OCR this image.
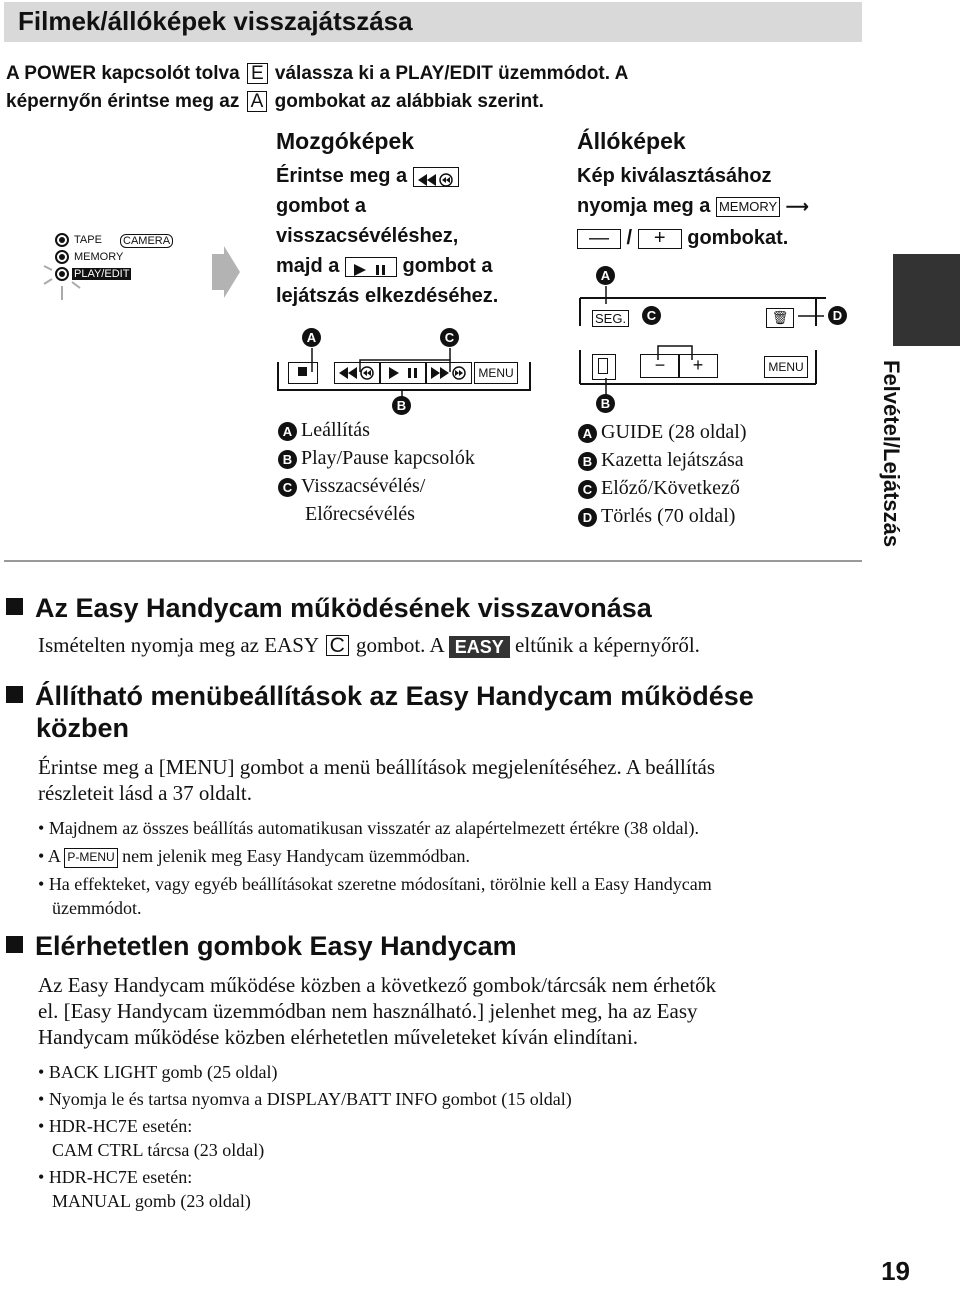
Filmek/állóképek visszajátszása
A POWER kapcsolót tolva E válassza ki a PLAY/EDIT üzemmódot. A
képernyőn érintse meg az A gombokat az alábbiak szerint.
TAPE
MEMORY
PLAY/EDIT
CAMERA
Mozgóképek
Érintse meg a
gombot a
visszacsévéléshez,
majd a	gombot a
lejátszás elkezdéséhez.
A	C
MENU
B
A Leállítás
B Play/Pause kapcsolók
C Visszacsévélés/
Előrecsévélés
Állóképek
Kép kiválasztásához
nyomja meg a MEMORY ⟶
— / + gombokat.
A
SEG.	C	🗑	D
−	+	MENU
B
A GUIDE (28 oldal)
B Kazetta lejátszása
C Előző/Következő
D Törlés (70 oldal)	Felvétel/Lejátszás
Az Easy Handycam működésének visszavonása
Ismételten nyomja meg az EASY C gombot. A EASY eltűnik a képernyőről.
Állítható menübeállítások az Easy Handycam működése
közben
Érintse meg a [MENU] gombot a menü beállítások megjelenítéséhez. A beállítás
részleteit lásd a 37 oldalt.
• Majdnem az összes beállítás automatikusan visszatér az alapértelmezett értékre (38 oldal).
• A P-MENU nem jelenik meg Easy Handycam üzemmódban.
• Ha effekteket, vagy egyéb beállításokat szeretne módosítani, törölnie kell a Easy Handycam
üzemmódot.
Elérhetetlen gombok Easy Handycam
Az Easy Handycam működése közben a következő gombok/tárcsák nem érhetők
el. [Easy Handycam üzemmódban nem használható.] jelenhet meg, ha az Easy
Handycam működése közben elérhetetlen műveleteket kíván elindítani.
• BACK LIGHT gomb (25 oldal)
• Nyomja le és tartsa nyomva a DISPLAY/BATT INFO gombot (15 oldal)
• HDR-HC7E esetén:
CAM CTRL tárcsa (23 oldal)
• HDR-HC7E esetén:
MANUAL gomb (23 oldal)
19
